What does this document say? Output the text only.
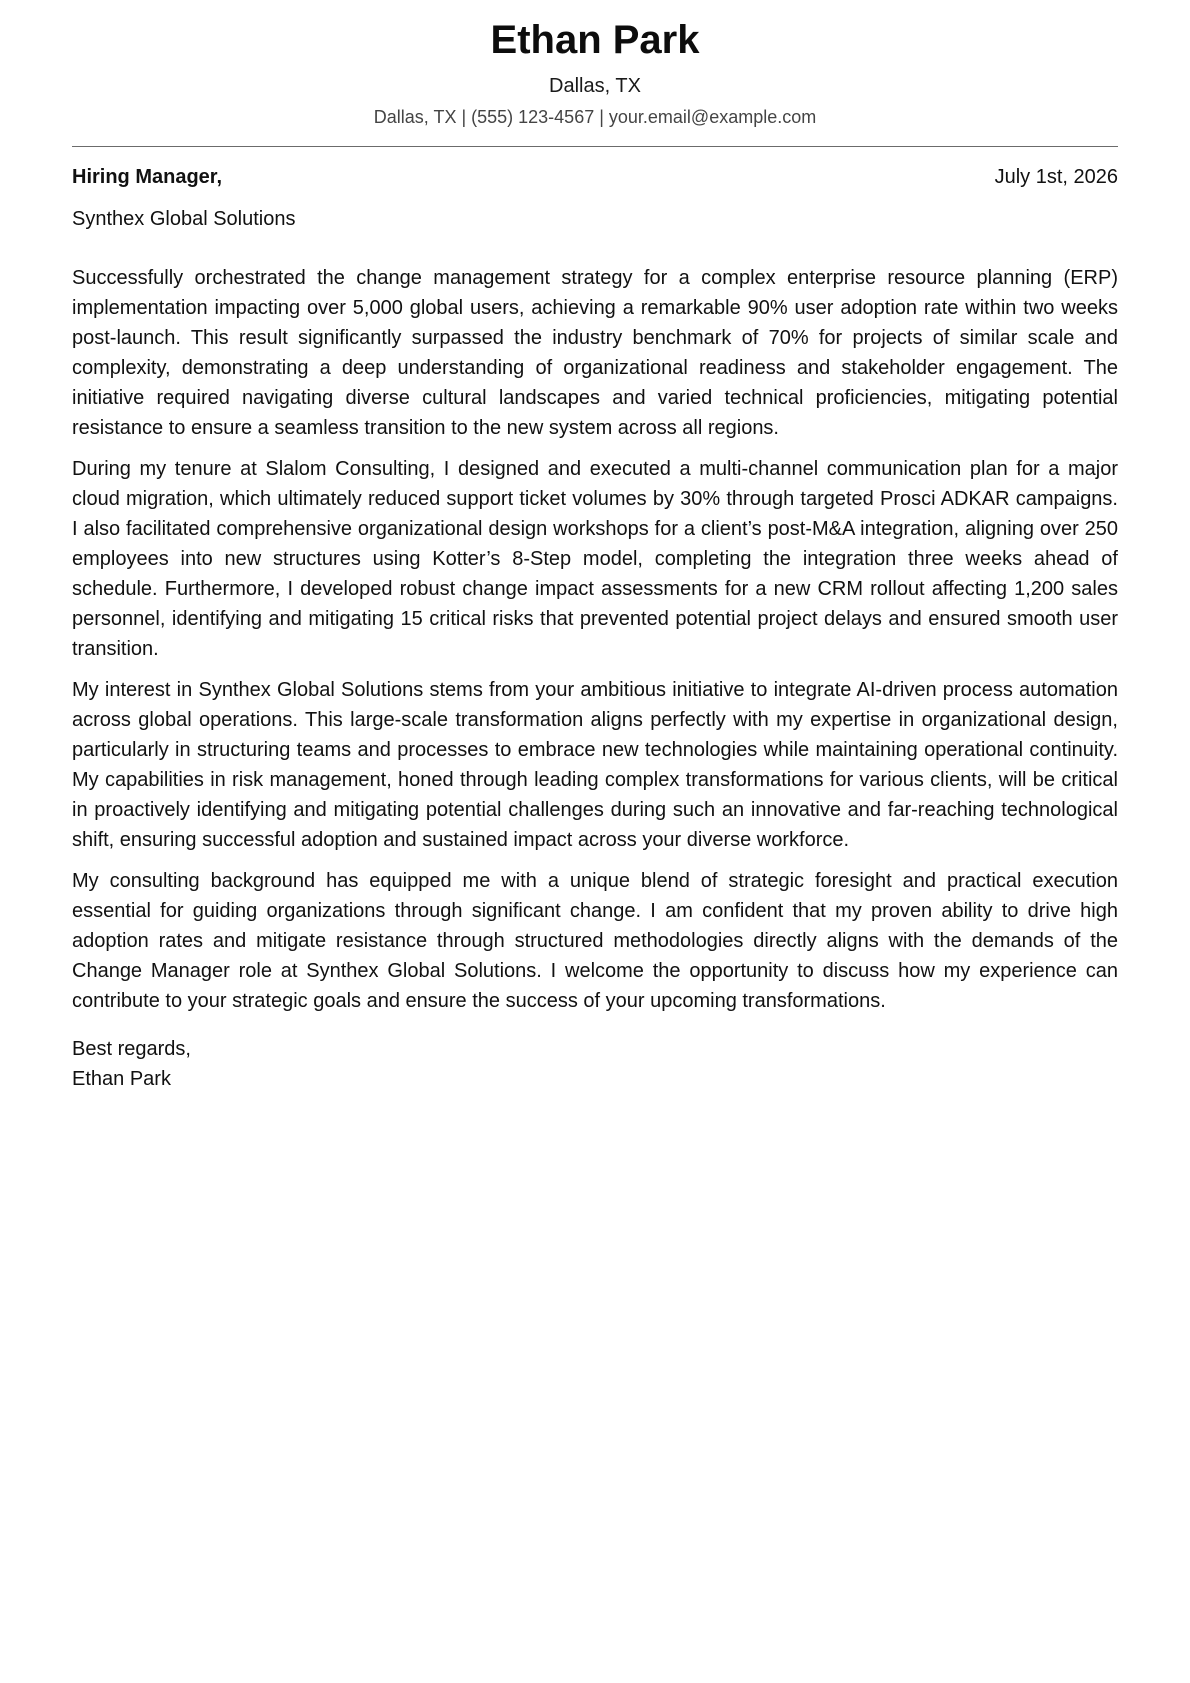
Ethan Park
Dallas, TX
Dallas, TX | (555) 123-4567 | your.email@example.com
Hiring Manager,	July 1st, 2026
Synthex Global Solutions

Successfully orchestrated the change management strategy for a complex enterprise resource planning (ERP) implementation impacting over 5,000 global users, achieving a remarkable 90% user adoption rate within two weeks post-launch. This result significantly surpassed the industry benchmark of 70% for projects of similar scale and complexity, demonstrating a deep understanding of organizational readiness and stakeholder engagement. The initiative required navigating diverse cultural landscapes and varied technical proficiencies, mitigating potential resistance to ensure a seamless transition to the new system across all regions.

During my tenure at Slalom Consulting, I designed and executed a multi-channel communication plan for a major cloud migration, which ultimately reduced support ticket volumes by 30% through targeted Prosci ADKAR campaigns. I also facilitated comprehensive organizational design workshops for a client’s post-M&A integration, aligning over 250 employees into new structures using Kotter’s 8-Step model, completing the integration three weeks ahead of schedule. Furthermore, I developed robust change impact assessments for a new CRM rollout affecting 1,200 sales personnel, identifying and mitigating 15 critical risks that prevented potential project delays and ensured smooth user transition.

My interest in Synthex Global Solutions stems from your ambitious initiative to integrate AI-driven process automation across global operations. This large-scale transformation aligns perfectly with my expertise in organizational design, particularly in structuring teams and processes to embrace new technologies while maintaining operational continuity. My capabilities in risk management, honed through leading complex transformations for various clients, will be critical in proactively identifying and mitigating potential challenges during such an innovative and far-reaching technological shift, ensuring successful adoption and sustained impact across your diverse workforce.

My consulting background has equipped me with a unique blend of strategic foresight and practical execution essential for guiding organizations through significant change. I am confident that my proven ability to drive high adoption rates and mitigate resistance through structured methodologies directly aligns with the demands of the Change Manager role at Synthex Global Solutions. I welcome the opportunity to discuss how my experience can contribute to your strategic goals and ensure the success of your upcoming transformations.

Best regards,
Ethan Park
